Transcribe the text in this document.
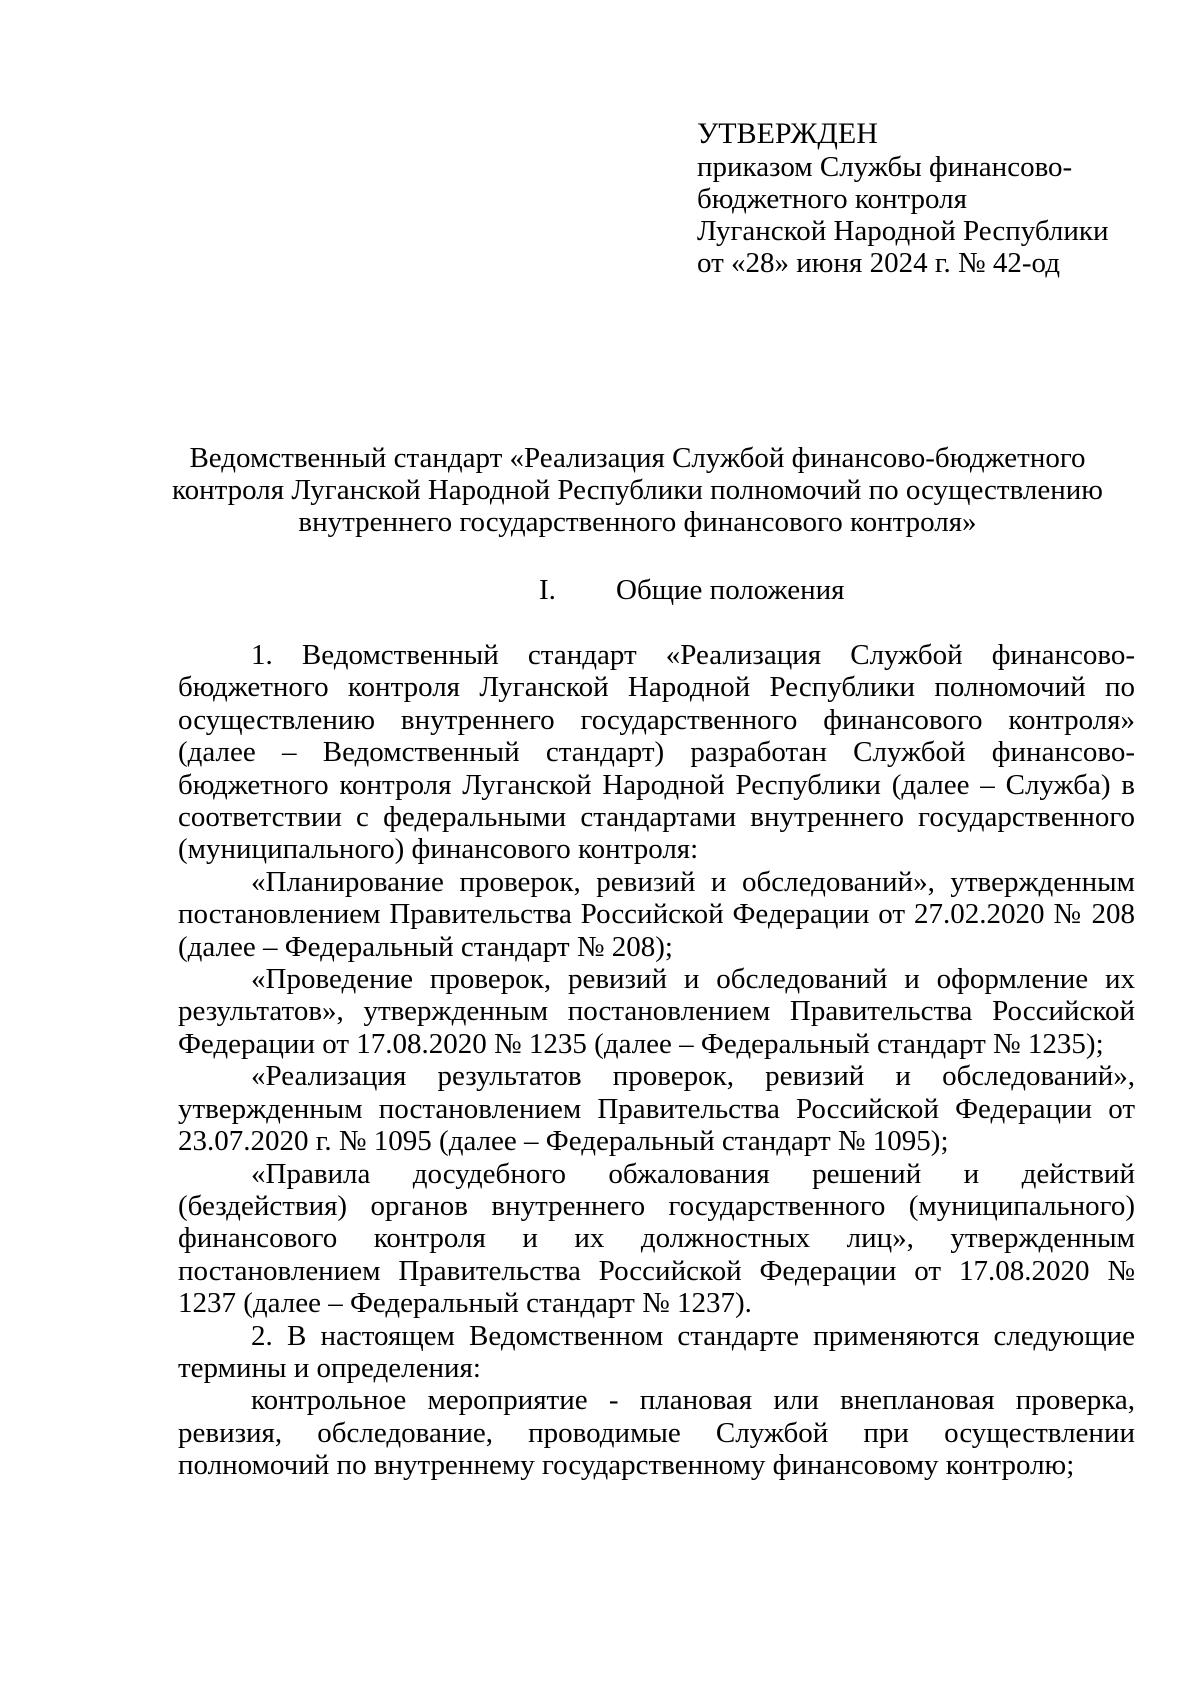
УТВЕРЖДЕН
приказом Службы финансово-
бюджетного контроля
Луганской Народной Республики
от «28» июня 2024 г. № 42-од
Ведомственный стандарт «Реализация Службой финансово-бюджетного
контроля Луганской Народной Республики полномочий по осуществлению
внутреннего государственного финансового контроля»
I. Общие положения

1. Ведомственный стандарт «Реализация Службой финансово-бюджетного контроля Луганской Народной Республики полномочий по осуществлению внутреннего государственного финансового контроля» (далее – Ведомственный стандарт) разработан Службой финансово-бюджетного контроля Луганской Народной Республики (далее – Служба) в соответствии с федеральными стандартами внутреннего государственного (муниципального) финансового контроля:

«Планирование проверок, ревизий и обследований», утвержденным постановлением Правительства Российской Федерации от 27.02.2020 № 208 (далее – Федеральный стандарт № 208);

«Проведение проверок, ревизий и обследований и оформление их результатов», утвержденным постановлением Правительства Российской Федерации от 17.08.2020 № 1235 (далее – Федеральный стандарт № 1235);

«Реализация результатов проверок, ревизий и обследований», утвержденным постановлением Правительства Российской Федерации от 23.07.2020 г. № 1095 (далее – Федеральный стандарт № 1095);

«Правила досудебного обжалования решений и действий (бездействия) органов внутреннего государственного (муниципального) финансового контроля и их должностных лиц», утвержденным постановлением Правительства Российской Федерации от 17.08.2020 № 1237 (далее – Федеральный стандарт № 1237).

2. В настоящем Ведомственном стандарте применяются следующие термины и определения:

контрольное мероприятие - плановая или внеплановая проверка, ревизия, обследование, проводимые Службой при осуществлении полномочий по внутреннему государственному финансовому контролю;
